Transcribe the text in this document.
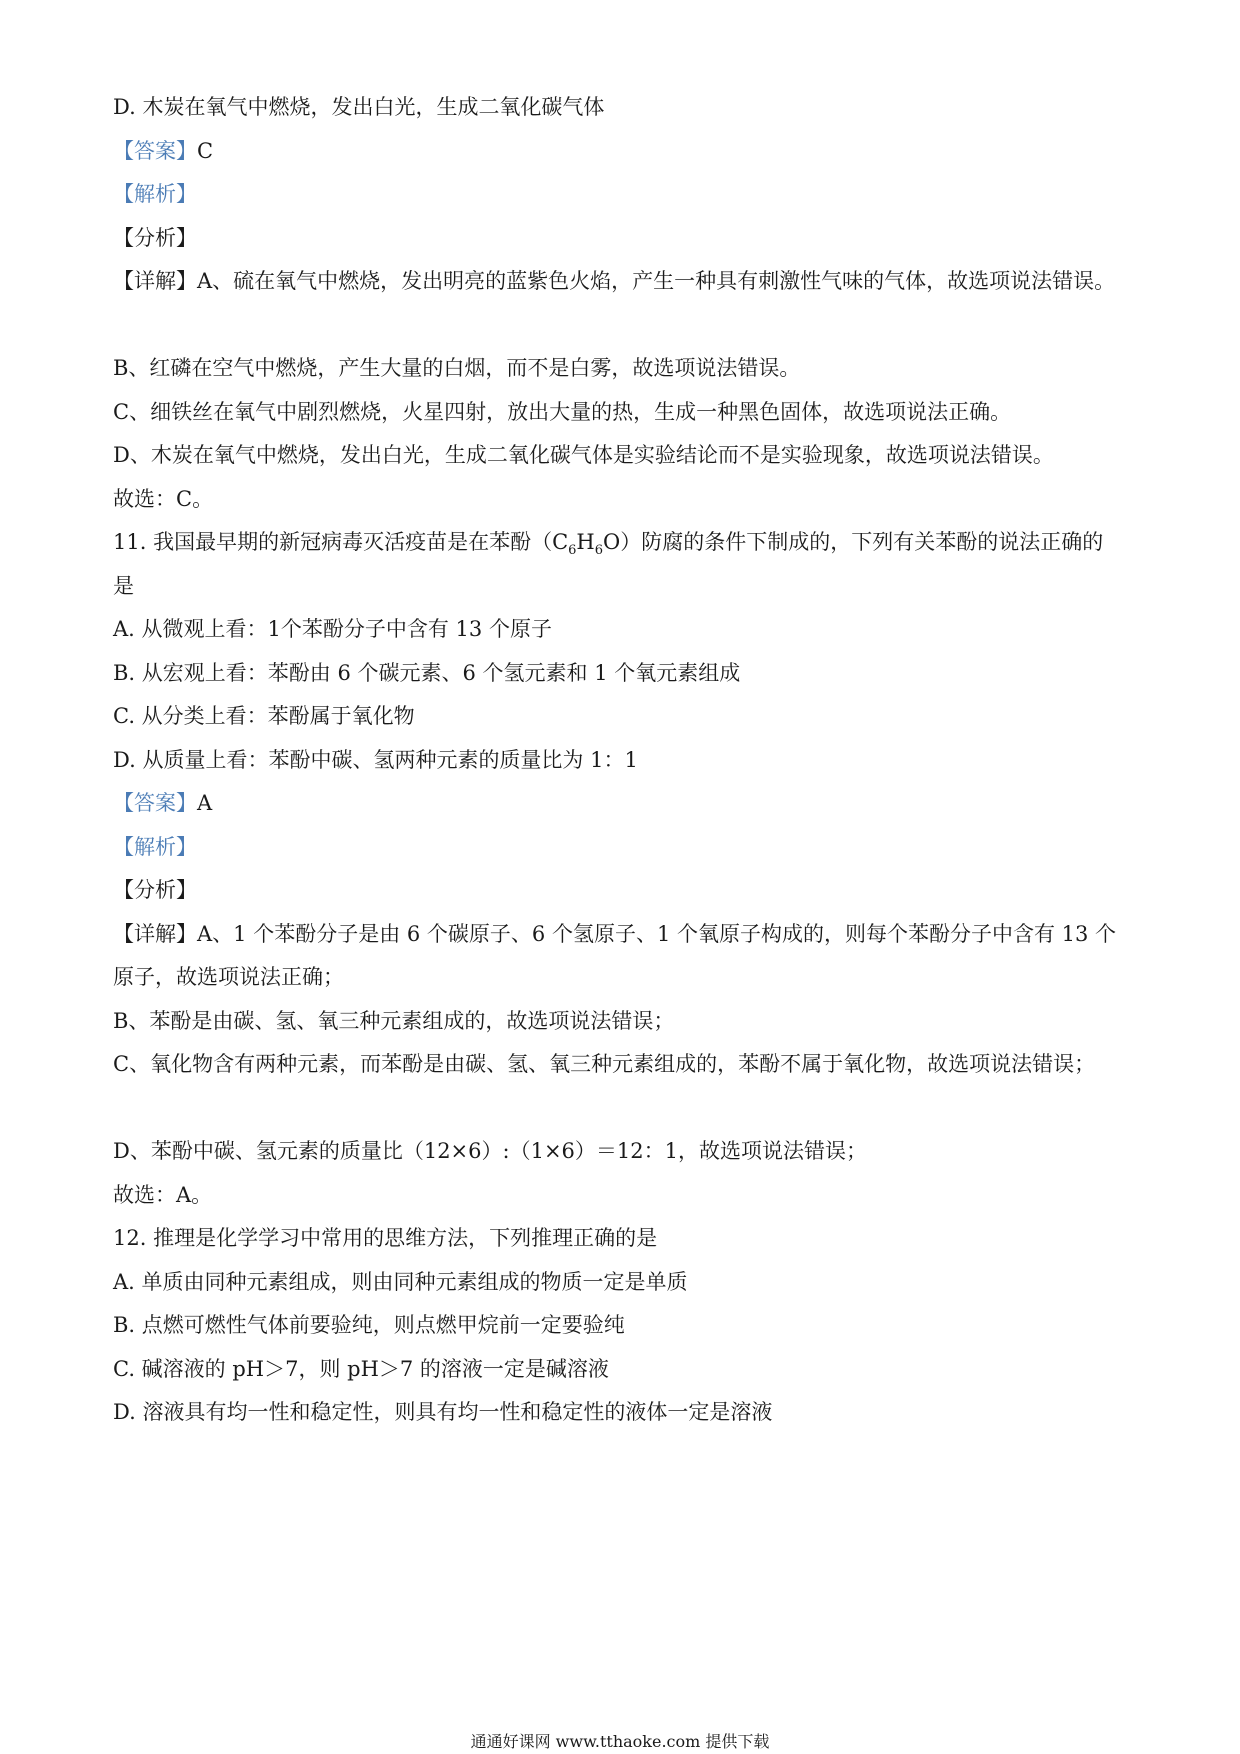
D. 木炭在氧气中燃烧，发出白光，生成二氧化碳气体
【答案】C
【解析】
【分析】
【详解】A、硫在氧气中燃烧，发出明亮的蓝紫色火焰，产生一种具有刺激性气味的气体，故选项说法错误。
B、红磷在空气中燃烧，产生大量的白烟，而不是白雾，故选项说法错误。
C、细铁丝在氧气中剧烈燃烧，火星四射，放出大量的热，生成一种黑色固体，故选项说法正确。
D、木炭在氧气中燃烧，发出白光，生成二氧化碳气体是实验结论而不是实验现象，故选项说法错误。
故选：C。
11. 我国最早期的新冠病毒灭活疫苗是在苯酚$(C_6H_6O)$防腐的条件下制成的，下列有关苯酚的说法正确的
是
A. 从微观上看：1个苯酚分子中含有 13 个原子
B. 从宏观上看：苯酚由 6 个碳元素、6 个氢元素和 1 个氧元素组成
C. 从分类上看：苯酚属于氧化物
D. 从质量上看：苯酚中碳、氢两种元素的质量比为 1：1
【答案】A
【解析】
【分析】
【详解】A、1 个苯酚分子是由 6 个碳原子、6 个氢原子、1 个氧原子构成的，则每个苯酚分子中含有 13 个
原子，故选项说法正确；
B、苯酚是由碳、氢、氧三种元素组成的，故选项说法错误；
C、氧化物含有两种元素，而苯酚是由碳、氢、氧三种元素组成的，苯酚不属于氧化物，故选项说法错误；
D、苯酚中碳、氢元素的质量比（12×6）:（1×6）＝12：1，故选项说法错误；
故选：A。
12. 推理是化学学习中常用的思维方法，下列推理正确的是
A. 单质由同种元素组成，则由同种元素组成的物质一定是单质
B. 点燃可燃性气体前要验纯，则点燃甲烷前一定要验纯
C. 碱溶液的 pH＞7，则 pH＞7 的溶液一定是碱溶液
D. 溶液具有均一性和稳定性，则具有均一性和稳定性的液体一定是溶液
通通好课网 www.tthaoke.com 提供下载
